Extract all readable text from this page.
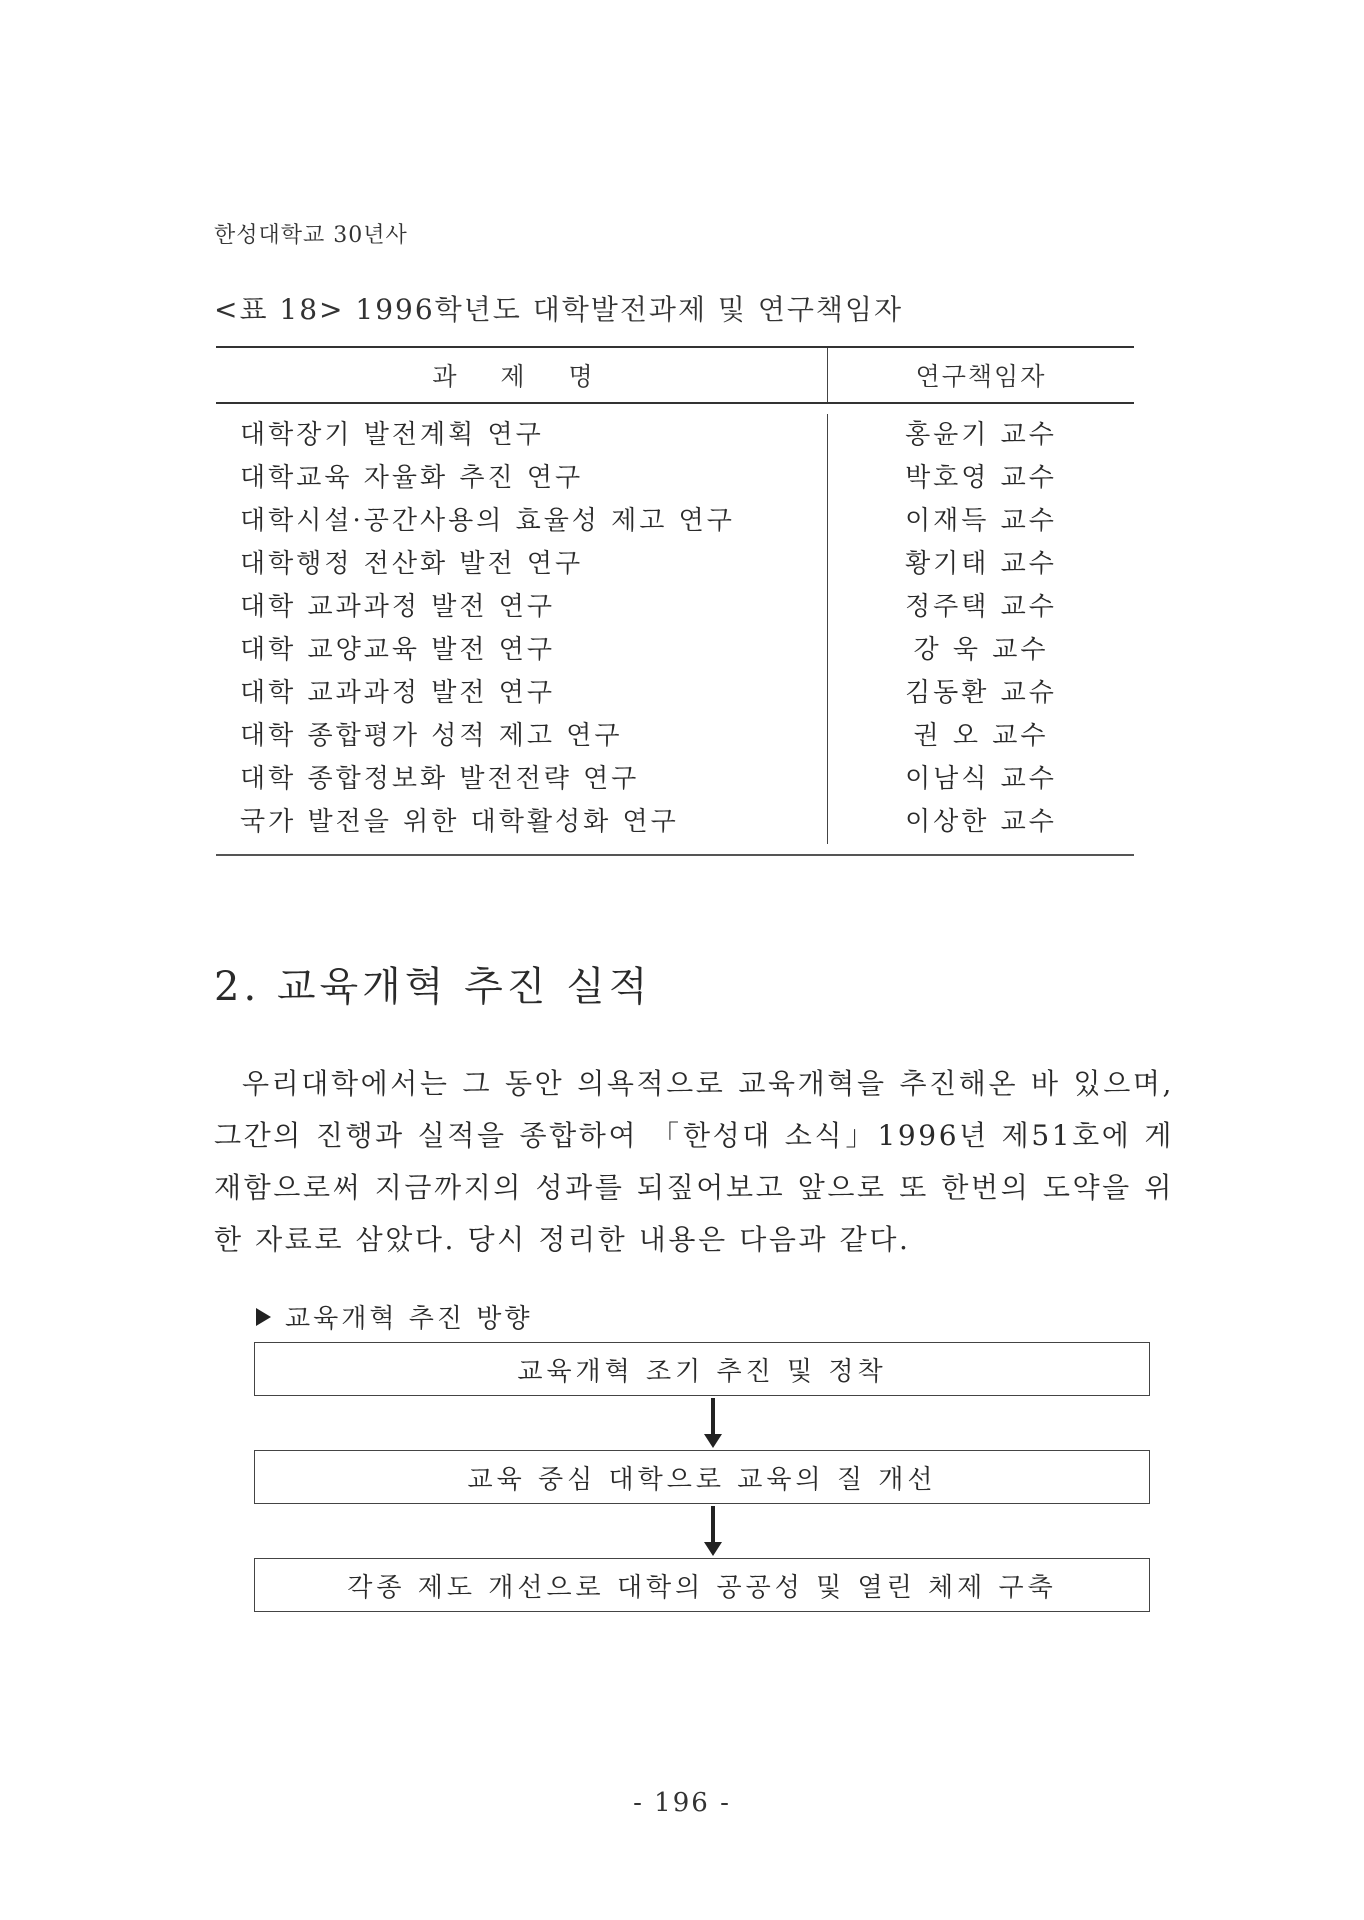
한성대학교 30년사
<표 18> 1996학년도 대학발전과제 및 연구책임자
과 제 명	연구책임자
대학장기 발전계획 연구
대학교육 자율화 추진 연구
대학시설·공간사용의 효율성 제고 연구
대학행정 전산화 발전 연구
대학 교과과정 발전 연구
대학 교양교육 발전 연구
대학 교과과정 발전 연구
대학 종합평가 성적 제고 연구
대학 종합정보화 발전전략 연구
국가 발전을 위한 대학활성화 연구
홍윤기 교수
박호영 교수
이재득 교수
황기태 교수
정주택 교수
강 욱 교수
김동환 교슈
권 오 교수
이남식 교수
이상한 교수
2. 교육개혁 추진 실적
우리대학에서는 그 동안 의욕적으로 교육개혁을 추진해온 바 있으며, 그간의 진행과 실적을 종합하여 「한성대 소식」1996년 제51호에 게재함으로써 지금까지의 성과를 되짚어보고 앞으로 또 한번의 도약을 위한 자료로 삼았다. 당시 정리한 내용은 다음과 같다.
교육개혁 추진 방향
교육개혁 조기 추진 및 정착
교육 중심 대학으로 교육의 질 개선
각종 제도 개선으로 대학의 공공성 및 열린 체제 구축
- 196 -
